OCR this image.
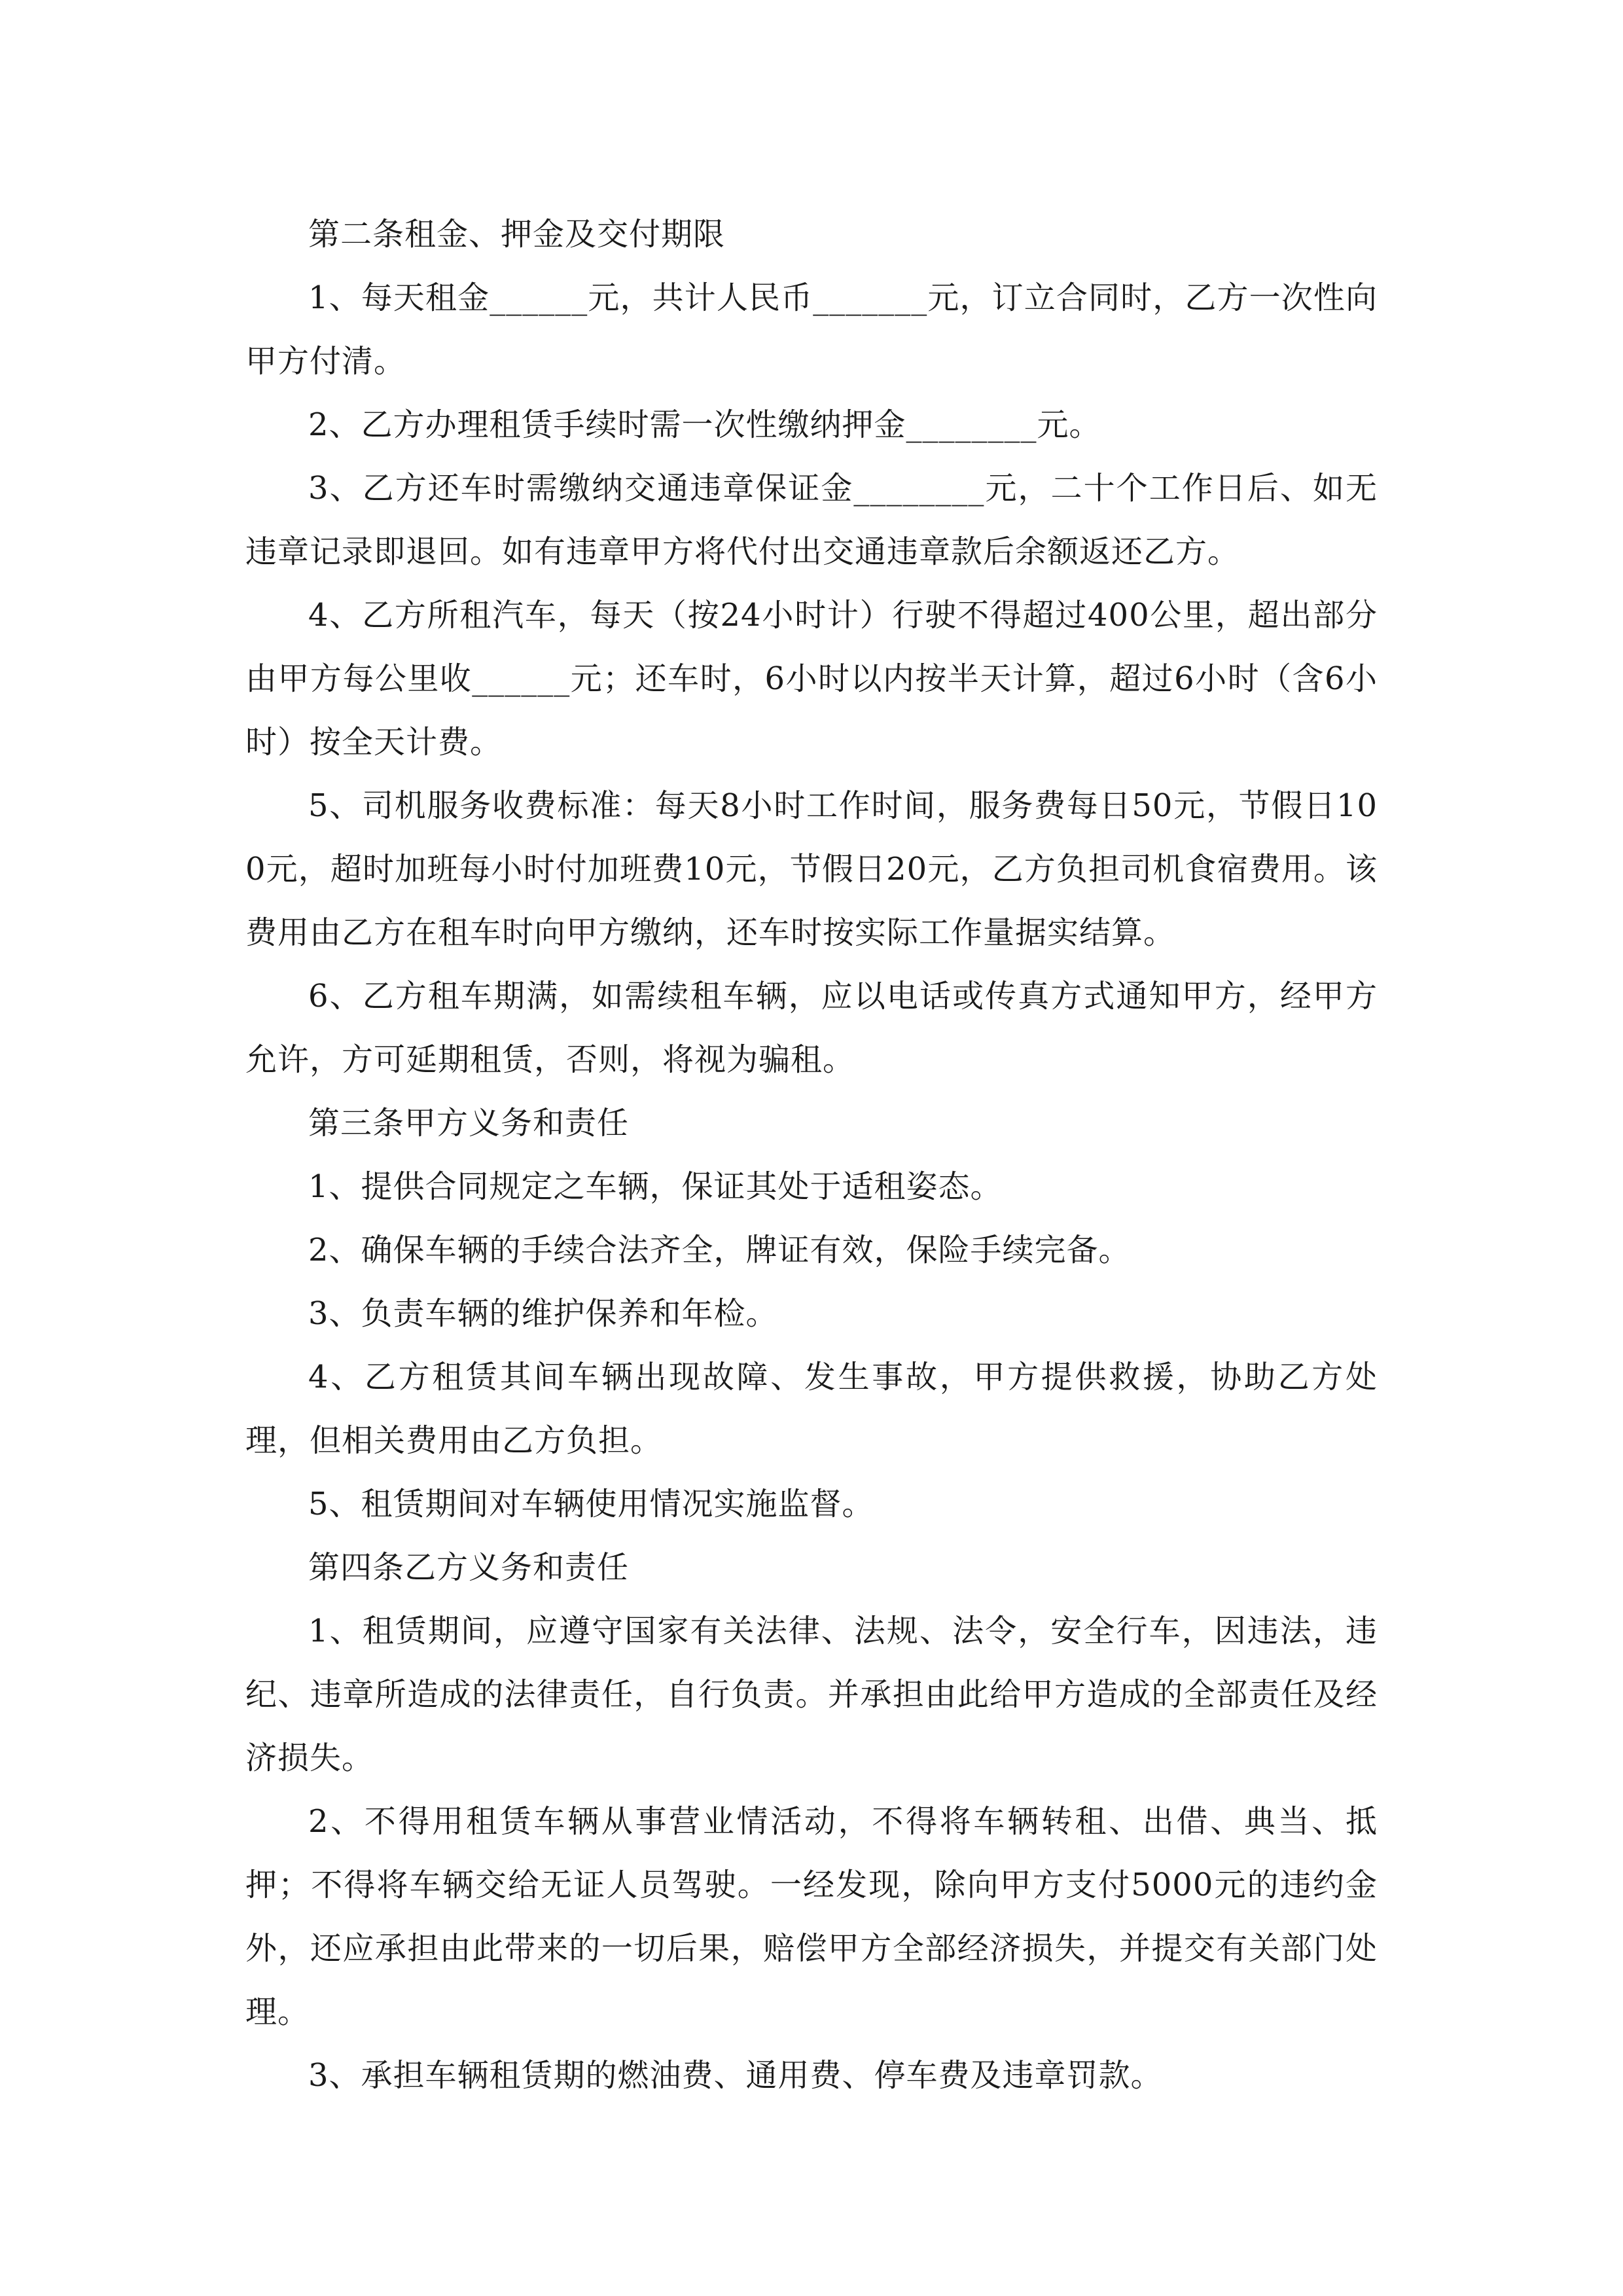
第二条租金、押金及交付期限

1、每天租金______元，共计人民币_______元，订立合同时，乙方一次性向甲方付清。

2、乙方办理租赁手续时需一次性缴纳押金________元。

3、乙方还车时需缴纳交通违章保证金________元，二十个工作日后、如无违章记录即退回。如有违章甲方将代付出交通违章款后余额返还乙方。

4、乙方所租汽车，每天（按24小时计）行驶不得超过400公里，超出部分由甲方每公里收______元；还车时，6小时以内按半天计算，超过6小时（含6小时）按全天计费。

5、司机服务收费标准：每天8小时工作时间，服务费每日50元，节假日100元，超时加班每小时付加班费10元，节假日20元，乙方负担司机食宿费用。该费用由乙方在租车时向甲方缴纳，还车时按实际工作量据实结算。

6、乙方租车期满，如需续租车辆，应以电话或传真方式通知甲方，经甲方允许，方可延期租赁，否则，将视为骗租。

第三条甲方义务和责任

1、提供合同规定之车辆，保证其处于适租姿态。

2、确保车辆的手续合法齐全，牌证有效，保险手续完备。

3、负责车辆的维护保养和年检。

4、乙方租赁其间车辆出现故障、发生事故，甲方提供救援，协助乙方处理，但相关费用由乙方负担。

5、租赁期间对车辆使用情况实施监督。

第四条乙方义务和责任

1、租赁期间，应遵守国家有关法律、法规、法令，安全行车，因违法，违纪、违章所造成的法律责任，自行负责。并承担由此给甲方造成的全部责任及经济损失。

2、不得用租赁车辆从事营业情活动，不得将车辆转租、出借、典当、抵押；不得将车辆交给无证人员驾驶。一经发现，除向甲方支付5000元的违约金外，还应承担由此带来的一切后果，赔偿甲方全部经济损失，并提交有关部门处理。

3、承担车辆租赁期的燃油费、通用费、停车费及违章罚款。
